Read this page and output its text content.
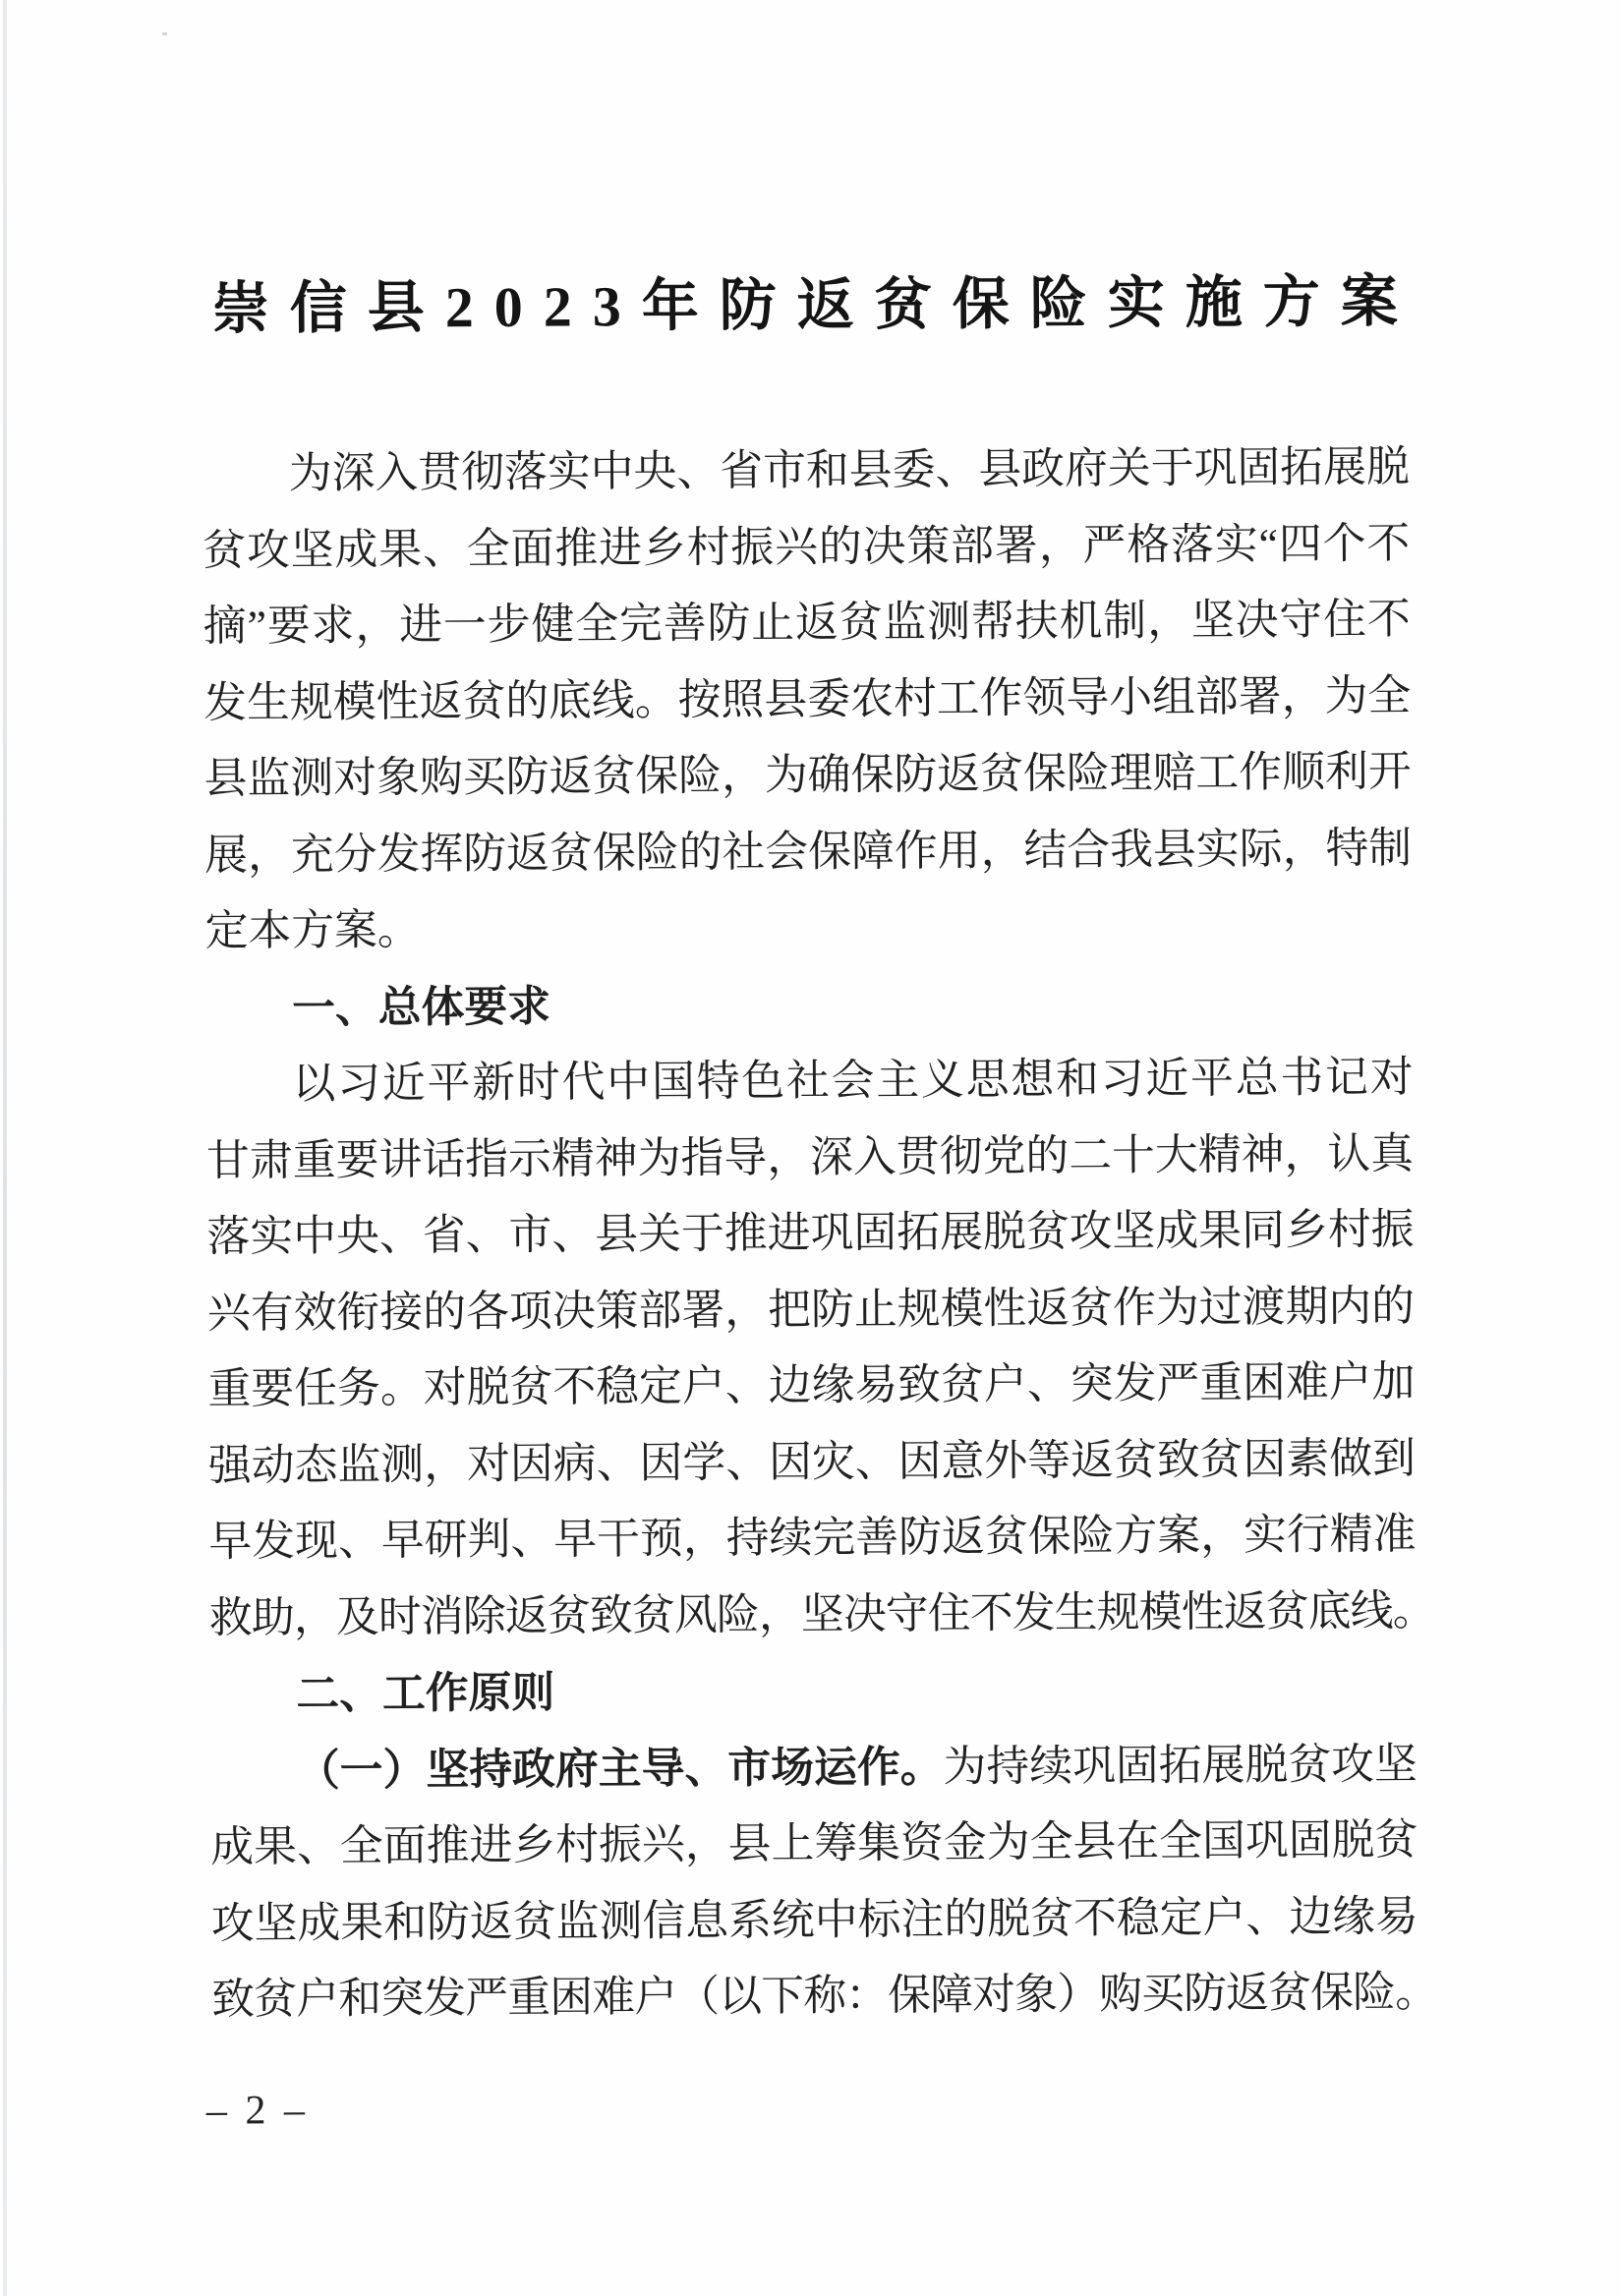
崇信县2023年防返贫保险实施方案
为深入贯彻落实中央、省市和县委、县政府关于巩固拓展脱
贫攻坚成果、全面推进乡村振兴的决策部署，严格落实“四个不
摘”要求，进一步健全完善防止返贫监测帮扶机制，坚决守住不
发生规模性返贫的底线。按照县委农村工作领导小组部署，为全
县监测对象购买防返贫保险，为确保防返贫保险理赔工作顺利开
展，充分发挥防返贫保险的社会保障作用，结合我县实际，特制
定本方案。
一、总体要求
以习近平新时代中国特色社会主义思想和习近平总书记对
甘肃重要讲话指示精神为指导，深入贯彻党的二十大精神，认真
落实中央、省、市、县关于推进巩固拓展脱贫攻坚成果同乡村振
兴有效衔接的各项决策部署，把防止规模性返贫作为过渡期内的
重要任务。对脱贫不稳定户、边缘易致贫户、突发严重困难户加
强动态监测，对因病、因学、因灾、因意外等返贫致贫因素做到
早发现、早研判、早干预，持续完善防返贫保险方案，实行精准
救助，及时消除返贫致贫风险，坚决守住不发生规模性返贫底线。
二、工作原则
（一）坚持政府主导、市场运作。为持续巩固拓展脱贫攻坚
成果、全面推进乡村振兴，县上筹集资金为全县在全国巩固脱贫
攻坚成果和防返贫监测信息系统中标注的脱贫不稳定户、边缘易
致贫户和突发严重困难户（以下称：保障对象）购买防返贫保险。
– 2 –
